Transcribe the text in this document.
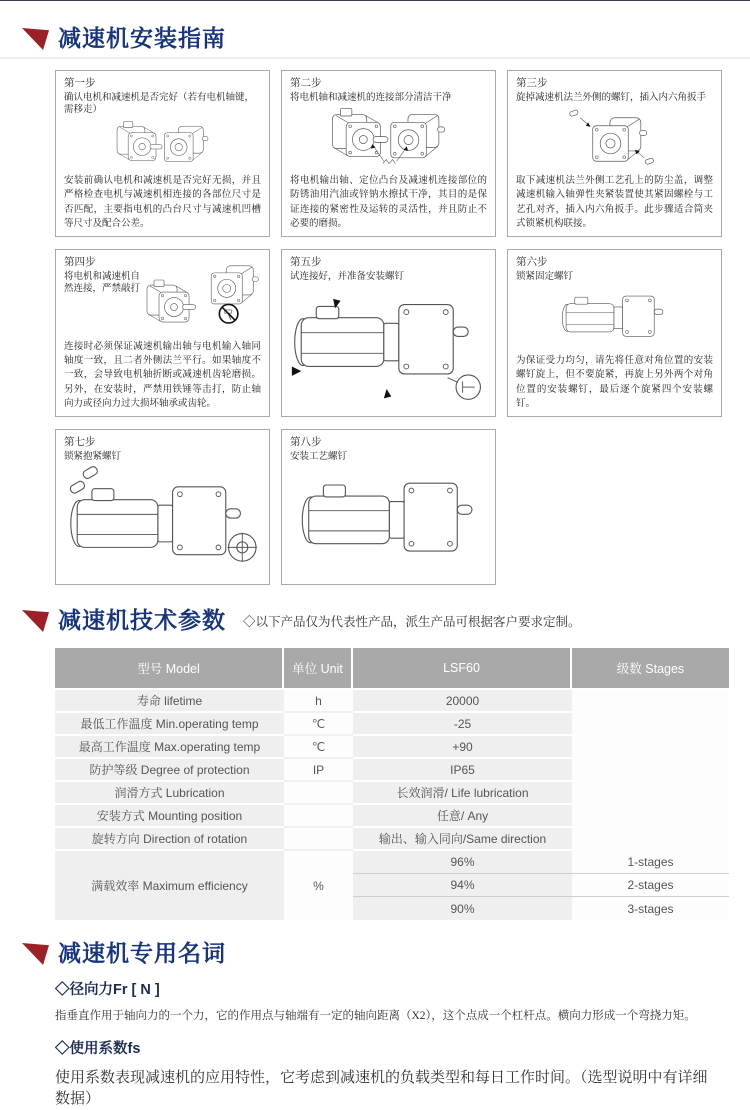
减速机安装指南
第一步
确认电机和减速机是否完好（若有电机轴键，需移走）

安装前确认电机和减速机是否完好无损，并且严格检查电机与减速机相连接的各部位尺寸是否匹配，主要指电机的凸台尺寸与减速机凹槽等尺寸及配合公差。

第二步
将电机轴和减速机的连接部分清洁干净

将电机输出轴、定位凸台及减速机连接部位的防锈油用汽油或锌钠水擦拭干净，其目的是保证连接的紧密性及运转的灵活性，并且防止不必要的磨损。

第三步
旋掉减速机法兰外侧的螺钉，插入内六角扳手

取下减速机法兰外侧工艺孔上的防尘盖，调整减速机输入轴弹性夹紧装置使其紧固螺栓与工艺孔对齐，插入内六角扳手。此步骤适合筒夹式锁紧机构联接。

第四步
将电机和减速机自然连接，严禁敲打

连接时必须保证减速机输出轴与电机输入轴同轴度一致，且二者外侧法兰平行。如果轴度不一致，会导致电机轴折断或减速机齿轮磨损。另外，在安装时，严禁用铁锤等击打，防止轴向力或径向力过大损坏轴承或齿轮。

第五步
试连接好，并准备安装螺钉
第六步
锁紧固定螺钉

为保证受力均匀，请先将任意对角位置的安装螺钉旋上，但不要旋紧，再旋上另外两个对角位置的安装螺钉，最后逐个旋紧四个安装螺钉。

第七步
锁紧抱紧螺钉
第八步
安装工艺螺钉
减速机技术参数 ◇以下产品仅为代表性产品，派生产品可根据客户要求定制。
型号 Model	单位 Unit	LSF60	级数 Stages
寿命 lifetime	h	20000	
最低工作温度 Min.operating temp	℃	-25	
最高工作温度 Max.operating temp	℃	+90	
防护等级 Degree of protection	IP	IP65	
润滑方式 Lubrication		长效润滑/ Life lubrication	
安装方式 Mounting position		任意/ Any	
旋转方向 Direction of rotation		输出、输入同向/Same direction	
满载效率 Maximum efficiency	%	96%	1-stages
		94%	2-stages
		90%	3-stages
减速机专用名词
◇径向力Fr [ N ]
指垂直作用于轴向力的一个力，它的作用点与轴端有一定的轴向距离（X2），这个点成一个杠杆点。横向力形成一个弯挠力矩。
◇使用系数fs
使用系数表现减速机的应用特性，它考虑到减速机的负载类型和每日工作时间。（选型说明中有详细数据）
